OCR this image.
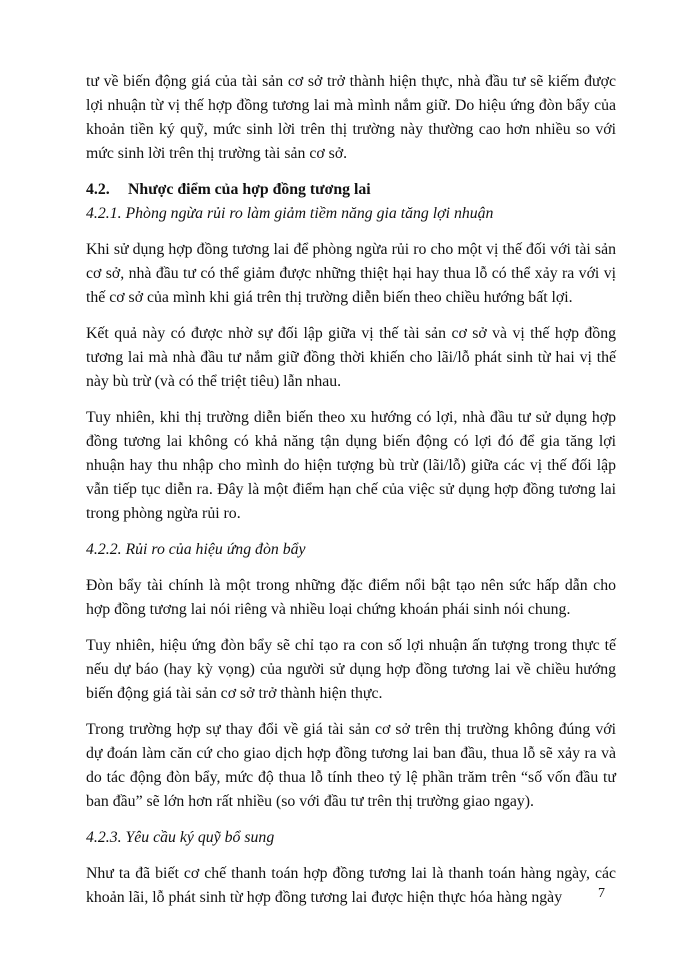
tư về biến động giá của tài sản cơ sở trở thành hiện thực, nhà đầu tư sẽ kiếm được lợi nhuận từ vị thế hợp đồng tương lai mà mình nắm giữ. Do hiệu ứng đòn bẩy của khoản tiền ký quỹ, mức sinh lời trên thị trường này thường cao hơn nhiều so với mức sinh lời trên thị trường tài sản cơ sở.

4.2. Nhược điểm của hợp đồng tương lai
4.2.1. Phòng ngừa rủi ro làm giảm tiềm năng gia tăng lợi nhuận

Khi sử dụng hợp đồng tương lai để phòng ngừa rủi ro cho một vị thế đối với tài sản cơ sở, nhà đầu tư có thể giảm được những thiệt hại hay thua lỗ có thể xảy ra với vị thế cơ sở của mình khi giá trên thị trường diễn biến theo chiều hướng bất lợi.

Kết quả này có được nhờ sự đối lập giữa vị thế tài sản cơ sở và vị thế hợp đồng tương lai mà nhà đầu tư nắm giữ đồng thời khiến cho lãi/lỗ phát sinh từ hai vị thế này bù trừ (và có thể triệt tiêu) lẫn nhau.

Tuy nhiên, khi thị trường diễn biến theo xu hướng có lợi, nhà đầu tư sử dụng hợp đồng tương lai không có khả năng tận dụng biến động có lợi đó để gia tăng lợi nhuận hay thu nhập cho mình do hiện tượng bù trừ (lãi/lỗ) giữa các vị thế đối lập vẫn tiếp tục diễn ra. Đây là một điểm hạn chế của việc sử dụng hợp đồng tương lai trong phòng ngừa rủi ro.

4.2.2. Rủi ro của hiệu ứng đòn bẩy

Đòn bẩy tài chính là một trong những đặc điểm nổi bật tạo nên sức hấp dẫn cho hợp đồng tương lai nói riêng và nhiều loại chứng khoán phái sinh nói chung.

Tuy nhiên, hiệu ứng đòn bẩy sẽ chỉ tạo ra con số lợi nhuận ấn tượng trong thực tế nếu dự báo (hay kỳ vọng) của người sử dụng hợp đồng tương lai về chiều hướng biến động giá tài sản cơ sở trở thành hiện thực.

Trong trường hợp sự thay đổi về giá tài sản cơ sở trên thị trường không đúng với dự đoán làm căn cứ cho giao dịch hợp đồng tương lai ban đầu, thua lỗ sẽ xảy ra và do tác động đòn bẩy, mức độ thua lỗ tính theo tỷ lệ phần trăm trên “số vốn đầu tư ban đầu” sẽ lớn hơn rất nhiều (so với đầu tư trên thị trường giao ngay).

4.2.3. Yêu cầu ký quỹ bổ sung

Như ta đã biết cơ chế thanh toán hợp đồng tương lai là thanh toán hàng ngày, các khoản lãi, lỗ phát sinh từ hợp đồng tương lai được hiện thực hóa hàng ngày	7
